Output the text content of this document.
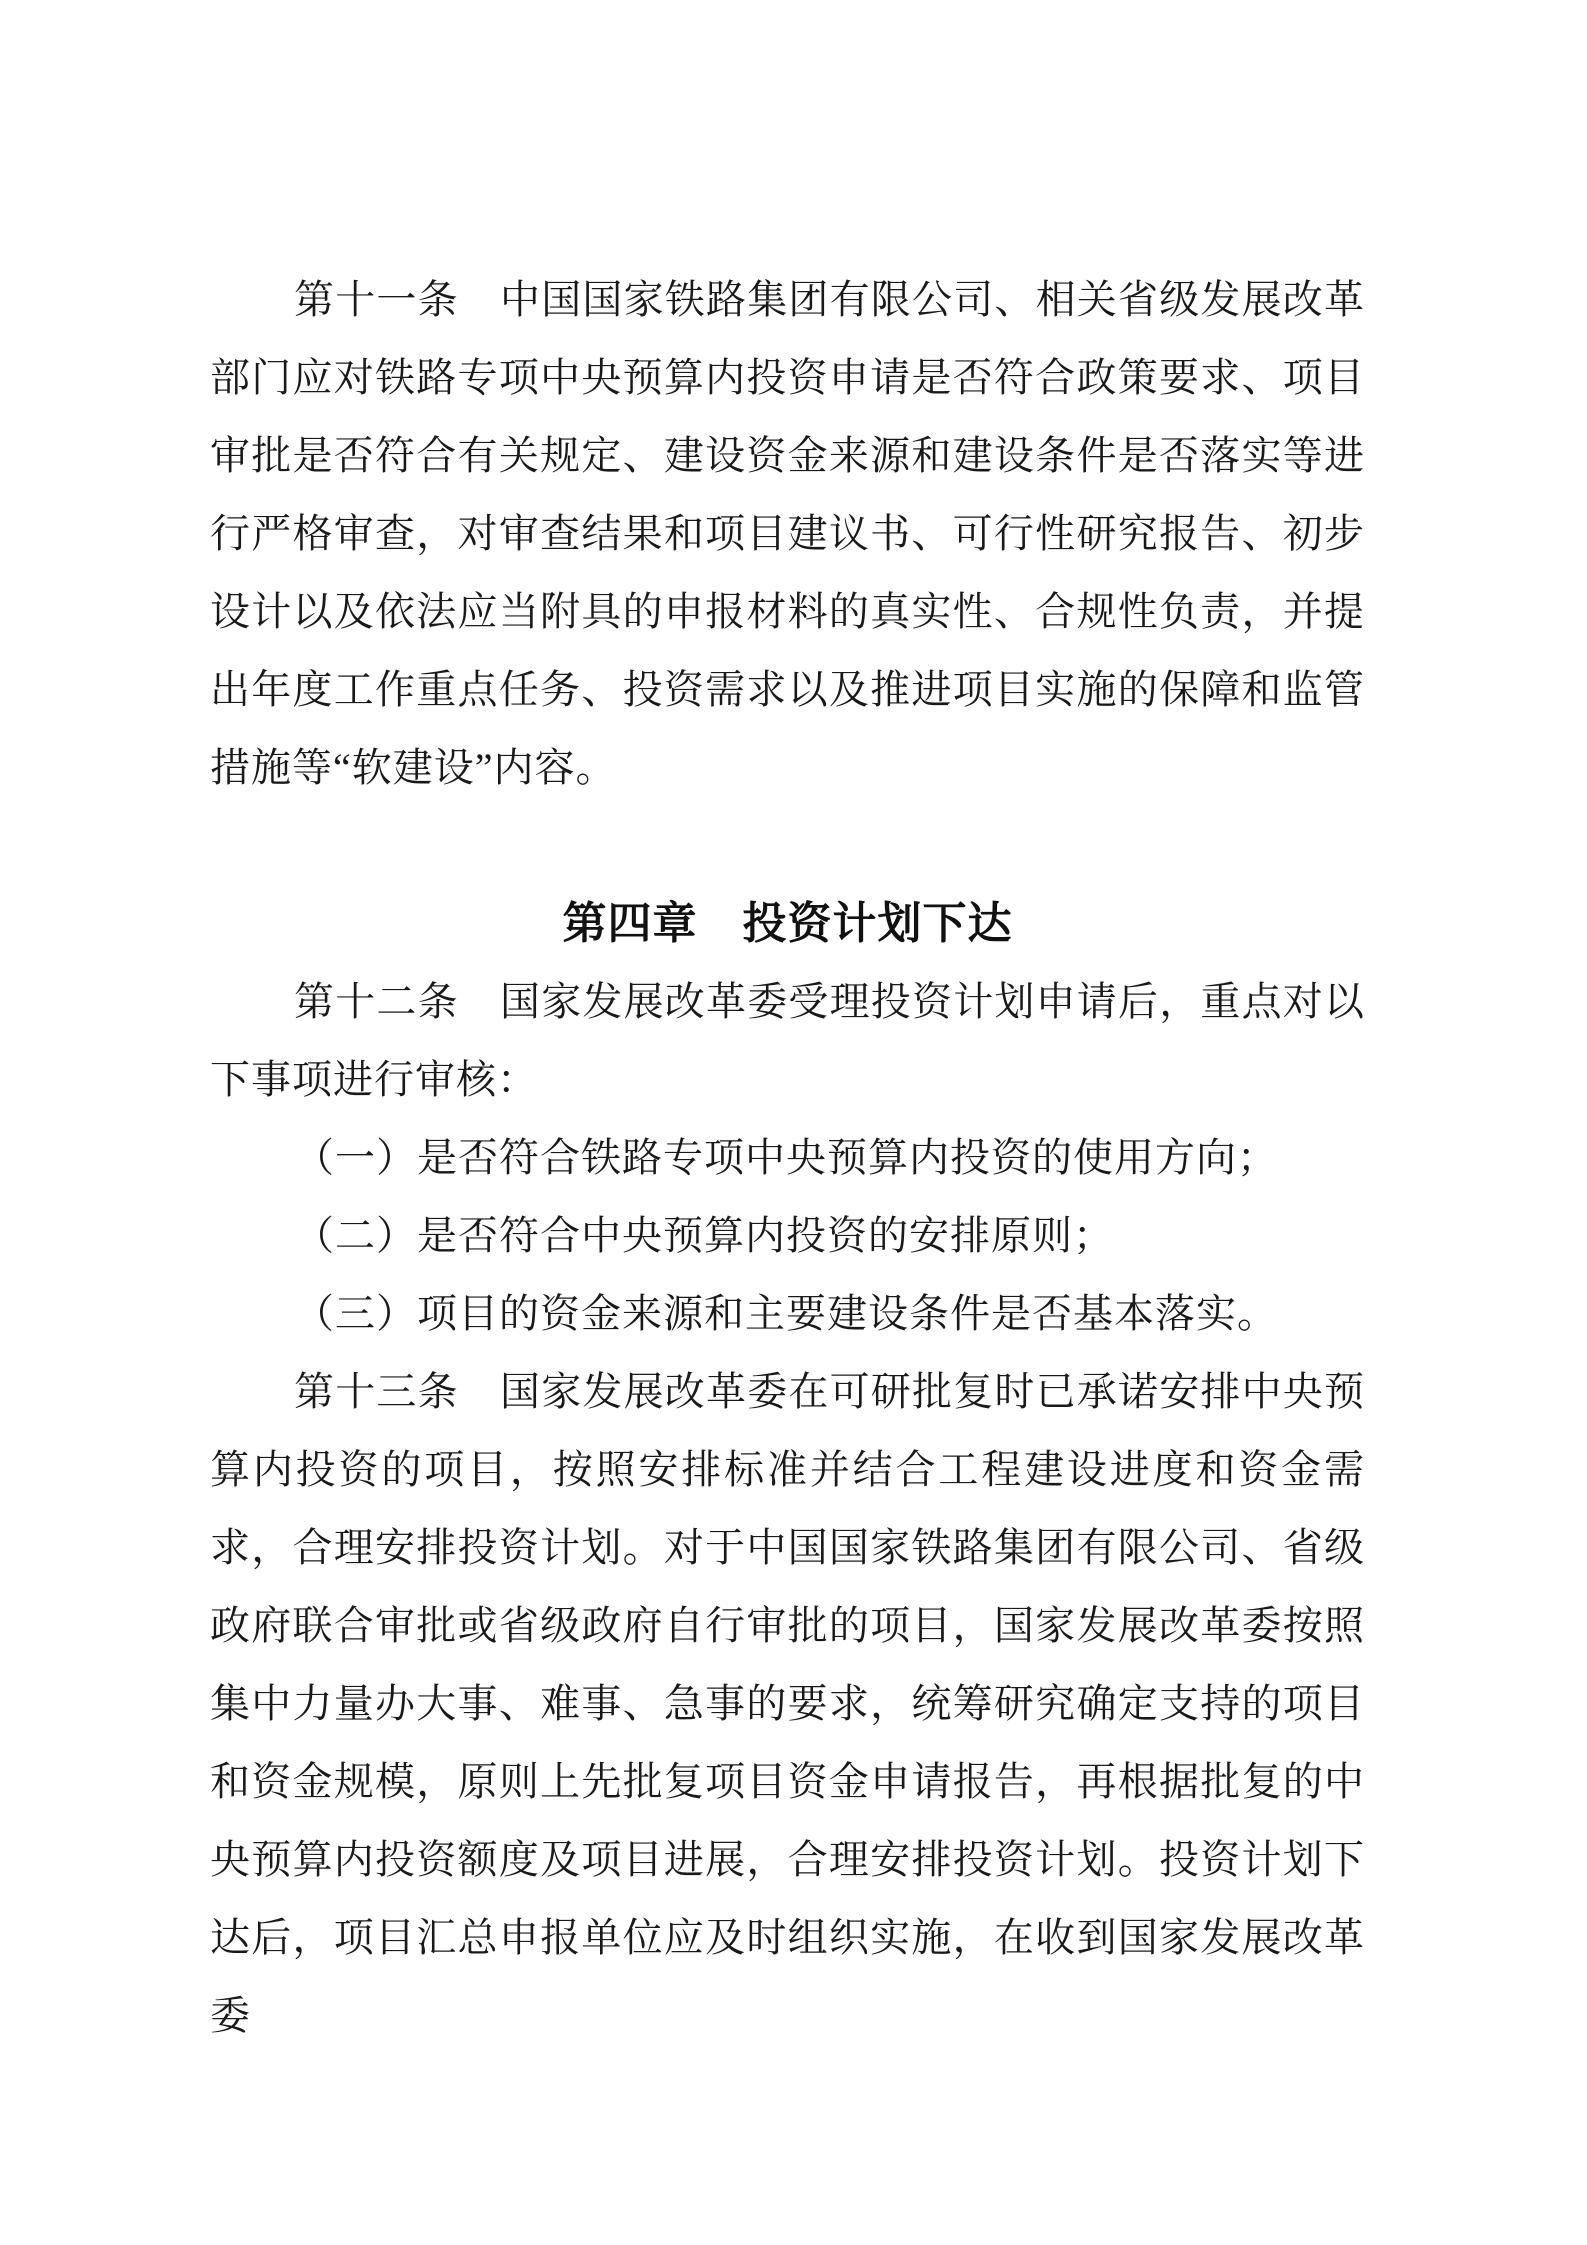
第十一条　中国国家铁路集团有限公司、相关省级发展改革部门应对铁路专项中央预算内投资申请是否符合政策要求、项目审批是否符合有关规定、建设资金来源和建设条件是否落实等进行严格审查，对审查结果和项目建议书、可行性研究报告、初步设计以及依法应当附具的申报材料的真实性、合规性负责，并提出年度工作重点任务、投资需求以及推进项目实施的保障和监管措施等“软建设”内容。

第四章　投资计划下达

第十二条　国家发展改革委受理投资计划申请后，重点对以下事项进行审核：

（一）是否符合铁路专项中央预算内投资的使用方向；

（二）是否符合中央预算内投资的安排原则；

（三）项目的资金来源和主要建设条件是否基本落实。

第十三条　国家发展改革委在可研批复时已承诺安排中央预算内投资的项目，按照安排标准并结合工程建设进度和资金需求，合理安排投资计划。对于中国国家铁路集团有限公司、省级政府联合审批或省级政府自行审批的项目，国家发展改革委按照集中力量办大事、难事、急事的要求，统筹研究确定支持的项目和资金规模，原则上先批复项目资金申请报告，再根据批复的中央预算内投资额度及项目进展，合理安排投资计划。投资计划下达后，项目汇总申报单位应及时组织实施，在收到国家发展改革委
